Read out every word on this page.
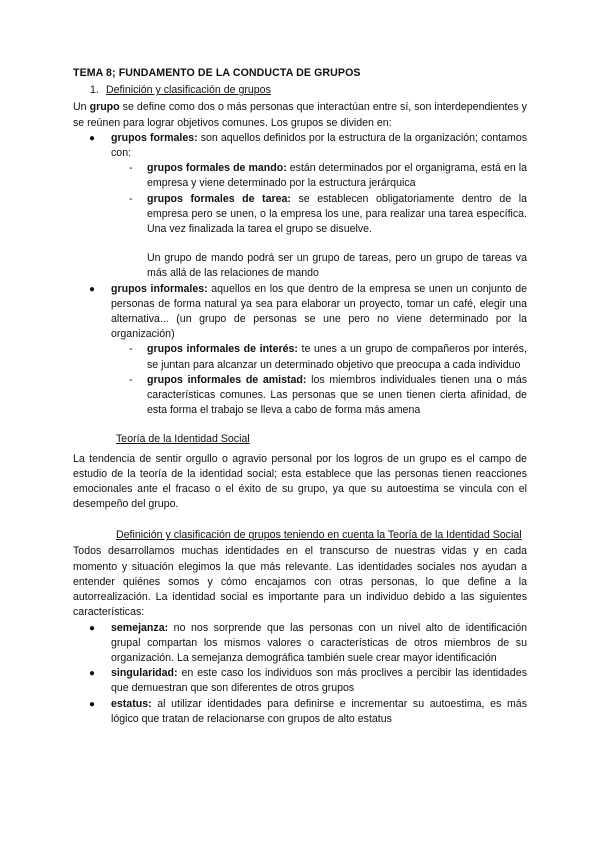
TEMA 8; FUNDAMENTO DE LA CONDUCTA DE GRUPOS
1. Definición y clasificación de grupos

Un grupo se define como dos o más personas que interactúan entre sí, son interdependientes y se reúnen para lograr objetivos comunes. Los grupos se dividen en:

● grupos formales: son aquellos definidos por la estructura de la organización; contamos con:
- grupos formales de mando: están determinados por el organigrama, está en la empresa y viene determinado por la estructura jerárquica
- grupos formales de tarea: se establecen obligatoriamente dentro de la empresa pero se unen, o la empresa los une, para realizar una tarea específica. Una vez finalizada la tarea el grupo se disuelve.

Un grupo de mando podrá ser un grupo de tareas, pero un grupo de tareas va más allá de las relaciones de mando

● grupos informales: aquellos en los que dentro de la empresa se unen un conjunto de personas de forma natural ya sea para elaborar un proyecto, tomar un café, elegir una alternativa... (un grupo de personas se une pero no viene determinado por la organización)
- grupos informales de interés: te unes a un grupo de compañeros por interés, se juntan para alcanzar un determinado objetivo que preocupa a cada individuo
- grupos informales de amistad: los miembros individuales tienen una o más características comunes. Las personas que se unen tienen cierta afinidad, de esta forma el trabajo se lleva a cabo de forma más amena
Teoría de la Identidad Social

La tendencia de sentir orgullo o agravio personal por los logros de un grupo es el campo de estudio de la teoría de la identidad social; esta establece que las personas tienen reacciones emocionales ante el fracaso o el éxito de su grupo, ya que su autoestima se vincula con el desempeño del grupo.

Definición y clasificación de grupos teniendo en cuenta la Teoría de la Identidad Social

Todos desarrollamos muchas identidades en el transcurso de nuestras vidas y en cada momento y situación elegimos la que más relevante. Las identidades sociales nos ayudan a entender quiénes somos y cómo encajamos con otras personas, lo que define a la autorrealización. La identidad social es importante para un individuo debido a las siguientes características:

● semejanza: no nos sorprende que las personas con un nivel alto de identificación grupal compartan los mismos valores o características de otros miembros de su organización. La semejanza demográfica también suele crear mayor identificación
● singularidad: en este caso los individuos son más proclives a percibir las identidades que demuestran que son diferentes de otros grupos
● estatus: al utilizar identidades para definirse e incrementar su autoestima, es más lógico que tratan de relacionarse con grupos de alto estatus
